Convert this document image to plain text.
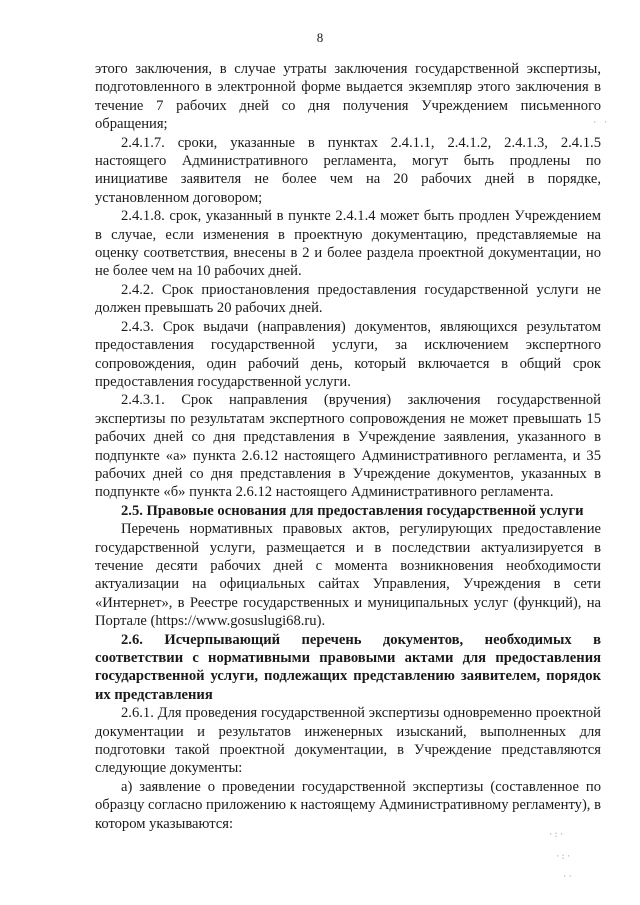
8

этого заключения, в случае утраты заключения государственной экспертизы, подготовленного в электронной форме выдается экземпляр этого заключения в течение 7 рабочих дней со дня получения Учреждением письменного обращения;

2.4.1.7. сроки, указанные в пунктах 2.4.1.1, 2.4.1.2, 2.4.1.3, 2.4.1.5 настоящего Административного регламента, могут быть продлены по инициативе заявителя не более чем на 20 рабочих дней в порядке, установленном договором;

2.4.1.8. срок, указанный в пункте 2.4.1.4 может быть продлен Учреждением в случае, если изменения в проектную документацию, представляемые на оценку соответствия, внесены в 2 и более раздела проектной документации, но не более чем на 10 рабочих дней.

2.4.2. Срок приостановления предоставления государственной услуги не должен превышать 20 рабочих дней.

2.4.3. Срок выдачи (направления) документов, являющихся результатом предоставления государственной услуги, за исключением экспертного сопровождения, один рабочий день, который включается в общий срок предоставления государственной услуги.

2.4.3.1. Срок направления (вручения) заключения государственной экспертизы по результатам экспертного сопровождения не может превышать 15 рабочих дней со дня представления в Учреждение заявления, указанного в подпункте «а» пункта 2.6.12 настоящего Административного регламента, и 35 рабочих дней со дня представления в Учреждение документов, указанных в подпункте «б» пункта 2.6.12 настоящего Административного регламента.

2.5. Правовые основания для предоставления государственной услуги

Перечень нормативных правовых актов, регулирующих предоставление государственной услуги, размещается и в последствии актуализируется в течение десяти рабочих дней с момента возникновения необходимости актуализации на официальных сайтах Управления, Учреждения в сети «Интернет», в Реестре государственных и муниципальных услуг (функций), на Портале (https://www.gosuslugi68.ru).

2.6. Исчерпывающий перечень документов, необходимых в соответствии с нормативными правовыми актами для предоставления государственной услуги, подлежащих представлению заявителем, порядок их представления

2.6.1. Для проведения государственной экспертизы одновременно проектной документации и результатов инженерных изысканий, выполненных для подготовки такой проектной документации, в Учреждение представляются следующие документы:

а) заявление о проведении государственной экспертизы (составленное по образцу согласно приложению к настоящему Административному регламенту), в котором указываются:

· ·
·:·
·:·
··
